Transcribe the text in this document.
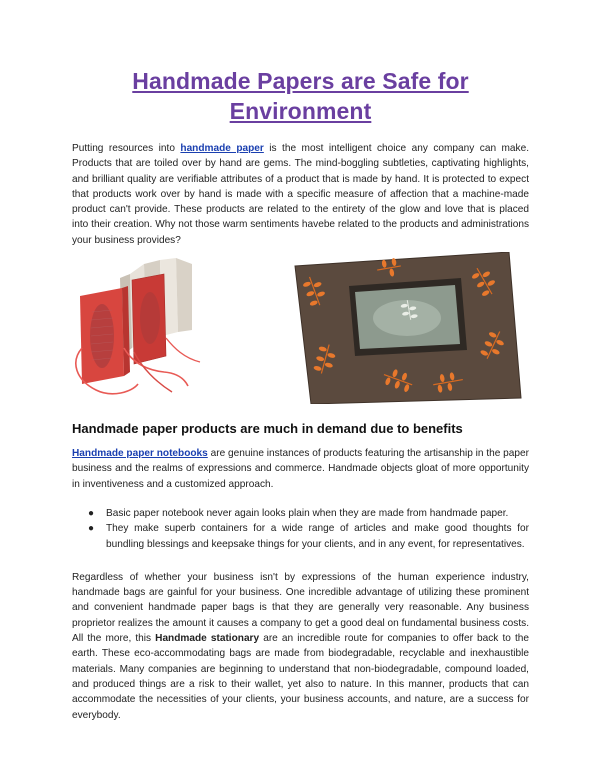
Handmade Papers are Safe for Environment

Putting resources into handmade paper is the most intelligent choice any company can make. Products that are toiled over by hand are gems. The mind-boggling subtleties, captivating highlights, and brilliant quality are verifiable attributes of a product that is made by hand. It is protected to expect that products work over by hand is made with a specific measure of affection that a machine-made product can't provide. These products are related to the entirety of the glow and love that is placed into their creation. Why not those warm sentiments havebe related to the products and administrations your business provides?

Handmade paper products are much in demand due to benefits

Handmade paper notebooks are genuine instances of products featuring the artisanship in the paper business and the realms of expressions and commerce. Handmade objects gloat of more opportunity in inventiveness and a customized approach.

● Basic paper notebook never again looks plain when they are made from handmade paper.
● They make superb containers for a wide range of articles and make good thoughts for bundling blessings and keepsake things for your clients, and in any event, for representatives.

Regardless of whether your business isn't by expressions of the human experience industry, handmade bags are gainful for your business. One incredible advantage of utilizing these prominent and convenient handmade paper bags is that they are generally very reasonable. Any business proprietor realizes the amount it causes a company to get a good deal on fundamental business costs. All the more, this Handmade stationary are an incredible route for companies to offer back to the earth. These eco-accommodating bags are made from biodegradable, recyclable and inexhaustible materials. Many companies are beginning to understand that non-biodegradable, compound loaded, and produced things are a risk to their wallet, yet also to nature. In this manner, products that can accommodate the necessities of your clients, your business accounts, and nature, are a success for everybody.
